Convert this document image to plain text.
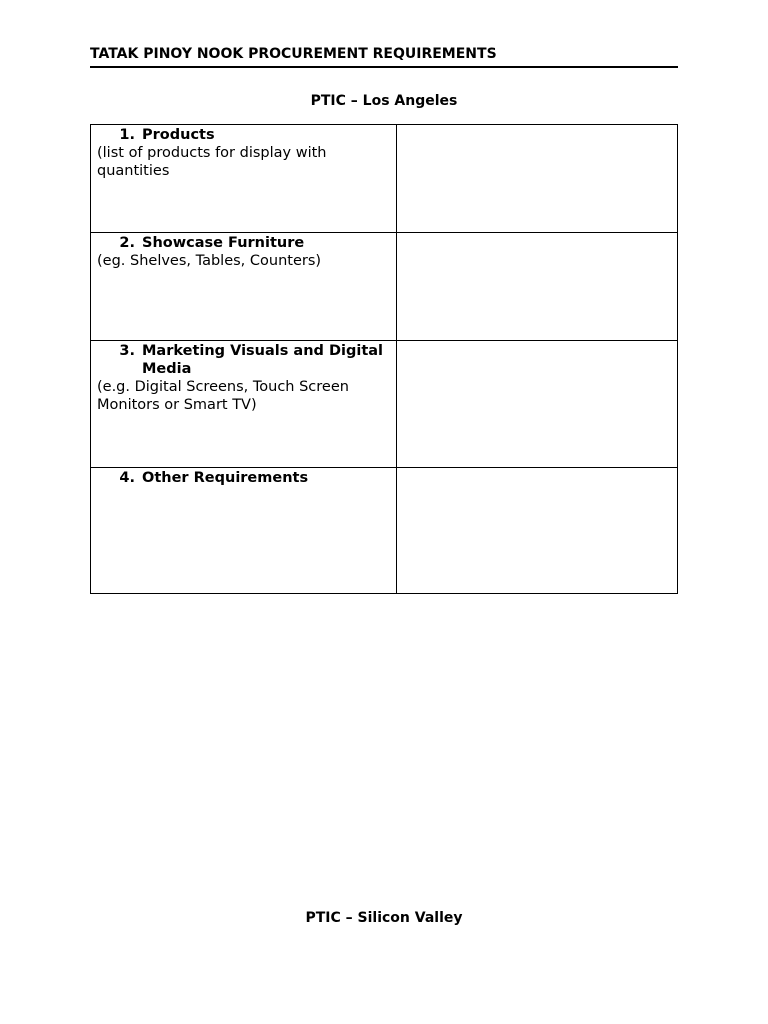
TATAK PINOY NOOK PROCUREMENT REQUIREMENTS
PTIC – Los Angeles
1. Products
(list of products for display with quantities	

2. Showcase Furniture
(eg. Shelves, Tables, Counters)	

3. Marketing Visuals and Digital Media
(e.g. Digital Screens, Touch Screen Monitors or Smart TV)	

4. Other Requirements	

PTIC – Silicon Valley
